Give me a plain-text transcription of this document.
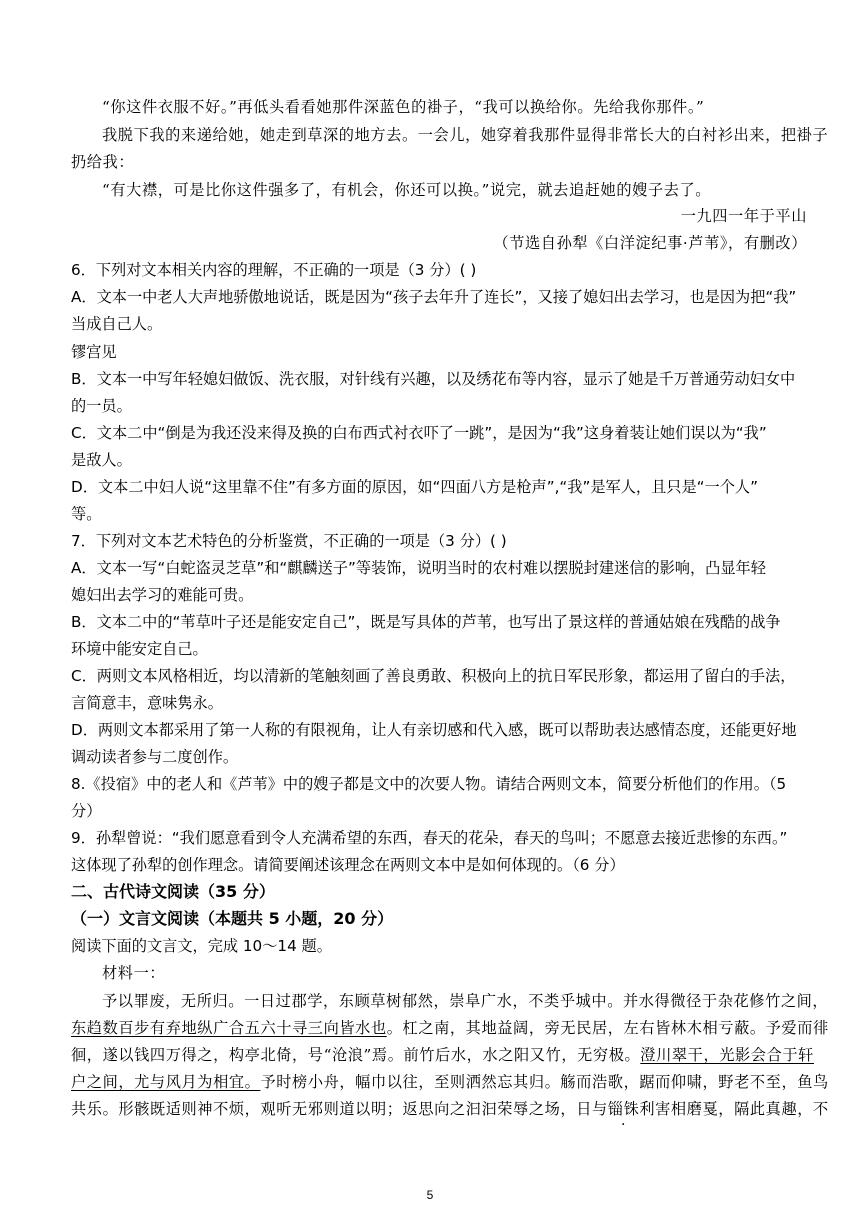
“你这件衣服不好。”再低头看看她那件深蓝色的褂子，“我可以换给你。先给我你那件。”
我脱下我的来递给她，她走到草深的地方去。一会儿，她穿着我那件显得非常长大的白衬衫出来，把褂子
扔给我：
“有大襟，可是比你这件强多了，有机会，你还可以换。”说完，就去追赶她的嫂子去了。
一九四一年于平山
（节选自孙犁《白洋淀纪事·芦苇》，有删改）
6．下列对文本相关内容的理解，不正确的一项是（3 分）( )
A．文本一中老人大声地骄傲地说话，既是因为“孩子去年升了连长”，又接了媳妇出去学习，也是因为把“我”
当成自己人。
镠宫见
B．文本一中写年轻媳妇做饭、洗衣服，对针线有兴趣，以及绣花布等内容，显示了她是千万普通劳动妇女中
的一员。
C．文本二中“倒是为我还没来得及换的白布西式衬衣吓了一跳”，是因为“我”这身着装让她们误以为“我”
是敌人。
D．文本二中妇人说“这里靠不住”有多方面的原因，如“四面八方是枪声”,“我”是军人，且只是“一个人”
等。
7．下列对文本艺术特色的分析鉴赏，不正确的一项是（3 分）( )
A．文本一写“白蛇盗灵芝草”和“麒麟送子”等装饰，说明当时的农村难以摆脱封建迷信的影响，凸显年轻
媳妇出去学习的难能可贵。
B．文本二中的“苇草叶子还是能安定自己”，既是写具体的芦苇，也写出了景这样的普通姑娘在残酷的战争
环境中能安定自己。
C．两则文本风格相近，均以清新的笔触刻画了善良勇敢、积极向上的抗日军民形象，都运用了留白的手法，
言简意丰，意味隽永。
D．两则文本都采用了第一人称的有限视角，让人有亲切感和代入感，既可以帮助表达感情态度，还能更好地
调动读者参与二度创作。
8.《投宿》中的老人和《芦苇》中的嫂子都是文中的次要人物。请结合两则文本，简要分析他们的作用。（5
分）
9．孙犁曾说：“我们愿意看到令人充满希望的东西，春天的花朵，春天的鸟叫；不愿意去接近悲惨的东西。”
这体现了孙犁的创作理念。请简要阐述该理念在两则文本中是如何体现的。（6 分）
二、古代诗文阅读（35 分）
（一）文言文阅读（本题共 5 小题，20 分）
阅读下面的文言文，完成 10～14 题。
材料一：
予以罪废，无所归。一日过郡学，东顾草树郁然，崇阜广水，不类乎城中。并水得微径于杂花修竹之间，
东趋数百步有弃地纵广合五六十寻三向皆水也。杠之南，其地益阔，旁无民居，左右皆林木相亏蔽。予爱而徘
徊，遂以钱四万得之，构亭北倚，号“沧浪”焉。前竹后水，水之阳又竹，无穷极。澄川翠干，光影会合于轩
户之间，尤与风月为相宜。予时榜小舟，幅巾以往，至则洒然忘其归。觞而浩歌，踞而仰啸，野老不至，鱼鸟
共乐。形骸既适则神不烦，观听无邪则道以明；返思向之汩汩荣辱之场，日与锱铢利害相磨戛，隔此真趣，不
5
